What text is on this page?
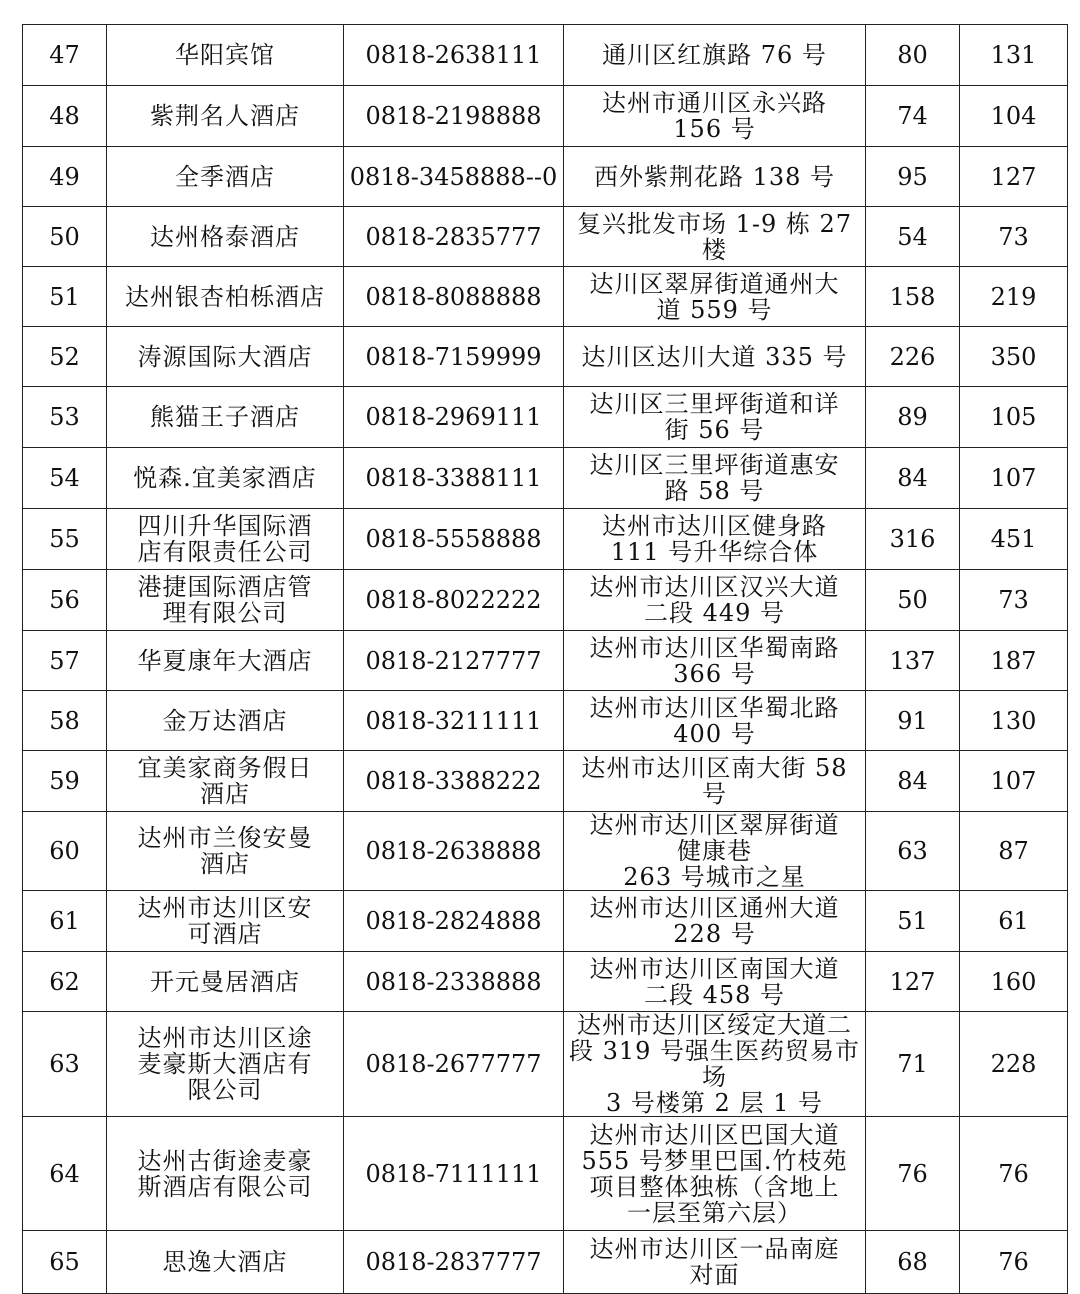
47	华阳宾馆	0818-2638111	通川区红旗路 76 号	80	131
48	紫荆名人酒店	0818-2198888	达州市通川区永兴路
156 号	74	104
49	全季酒店	0818-3458888--0	西外紫荆花路 138 号	95	127
50	达州格泰酒店	0818-2835777	复兴批发市场 1-9 栋 27 楼	54	73
51	达州银杏柏栎酒店	0818-8088888	达川区翠屏街道通州大
道 559 号	158	219
52	涛源国际大酒店	0818-7159999	达川区达川大道 335 号	226	350
53	熊猫王子酒店	0818-2969111	达川区三里坪街道和详
街 56 号	89	105
54	悦森.宜美家酒店	0818-3388111	达川区三里坪街道惠安
路 58 号	84	107
55	四川升华国际酒
店有限责任公司	0818-5558888	达州市达川区健身路
111 号升华综合体	316	451
56	港捷国际酒店管
理有限公司	0818-8022222	达州市达川区汉兴大道
二段 449 号	50	73
57	华夏康年大酒店	0818-2127777	达州市达川区华蜀南路
366 号	137	187
58	金万达酒店	0818-3211111	达州市达川区华蜀北路
400 号	91	130
59	宜美家商务假日
酒店	0818-3388222	达州市达川区南大街 58
号	84	107
60	达州市兰俊安曼
酒店	0818-2638888	达州市达川区翠屏街道
健康巷
263 号城市之星	63	87
61	达州市达川区安
可酒店	0818-2824888	达州市达川区通州大道
228 号	51	61
62	开元曼居酒店	0818-2338888	达州市达川区南国大道
二段 458 号	127	160
63	达州市达川区途
麦豪斯大酒店有
限公司	0818-2677777	达州市达川区绥定大道二
段 319 号强生医药贸易市场
3 号楼第 2 层 1 号	71	228
64	达州古街途麦豪
斯酒店有限公司	0818-7111111	达州市达川区巴国大道
555 号梦里巴国.竹枝苑
项目整体独栋（含地上
一层至第六层）	76	76
65	思逸大酒店	0818-2837777	达州市达川区一品南庭
对面	68	76
